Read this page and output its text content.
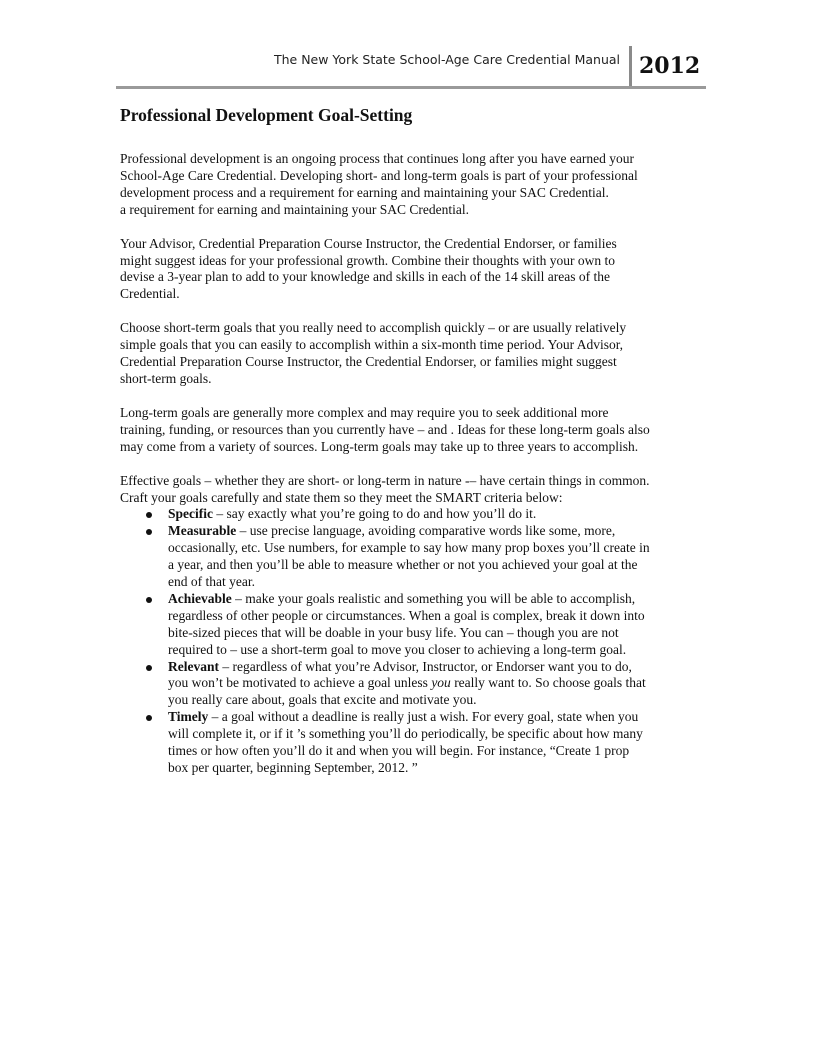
The New York State School-Age Care Credential Manual 2012
Professional Development Goal-Setting

Professional development is an ongoing process that continues long after you have earned your
School-Age Care Credential. Developing short- and long-term goals is part of your professional
development process and a requirement for earning and maintaining your SAC Credential.
a requirement for earning and maintaining your SAC Credential.

Your Advisor, Credential Preparation Course Instructor, the Credential Endorser, or families
might suggest ideas for your professional growth. Combine their thoughts with your own to
devise a 3-year plan to add to your knowledge and skills in each of the 14 skill areas of the
Credential.

Choose short-term goals that you really need to accomplish quickly – or are usually relatively
simple goals that you can easily to accomplish within a six-month time period. Your Advisor,
Credential Preparation Course Instructor, the Credential Endorser, or families might suggest
short-term goals.

Long-term goals are generally more complex and may require you to seek additional more
training, funding, or resources than you currently have – and . Ideas for these long-term goals also
may come from a variety of sources. Long-term goals may take up to three years to accomplish.

Effective goals – whether they are short- or long-term in nature -– have certain things in common.
Craft your goals carefully and state them so they meet the SMART criteria below:

Specific – say exactly what you’re going to do and how you’ll do it.
Measurable – use precise language, avoiding comparative words like some, more,
occasionally, etc. Use numbers, for example to say how many prop boxes you’ll create in
a year, and then you’ll be able to measure whether or not you achieved your goal at the
end of that year.
Achievable – make your goals realistic and something you will be able to accomplish,
regardless of other people or circumstances. When a goal is complex, break it down into
bite-sized pieces that will be doable in your busy life. You can – though you are not
required to – use a short-term goal to move you closer to achieving a long-term goal.
Relevant – regardless of what you’re Advisor, Instructor, or Endorser want you to do,
you won’t be motivated to achieve a goal unless you really want to. So choose goals that
you really care about, goals that excite and motivate you.
Timely – a goal without a deadline is really just a wish. For every goal, state when you
will complete it, or if it ’s something you’ll do periodically, be specific about how many
times or how often you’ll do it and when you will begin. For instance, “Create 1 prop
box per quarter, beginning September, 2012. ”
